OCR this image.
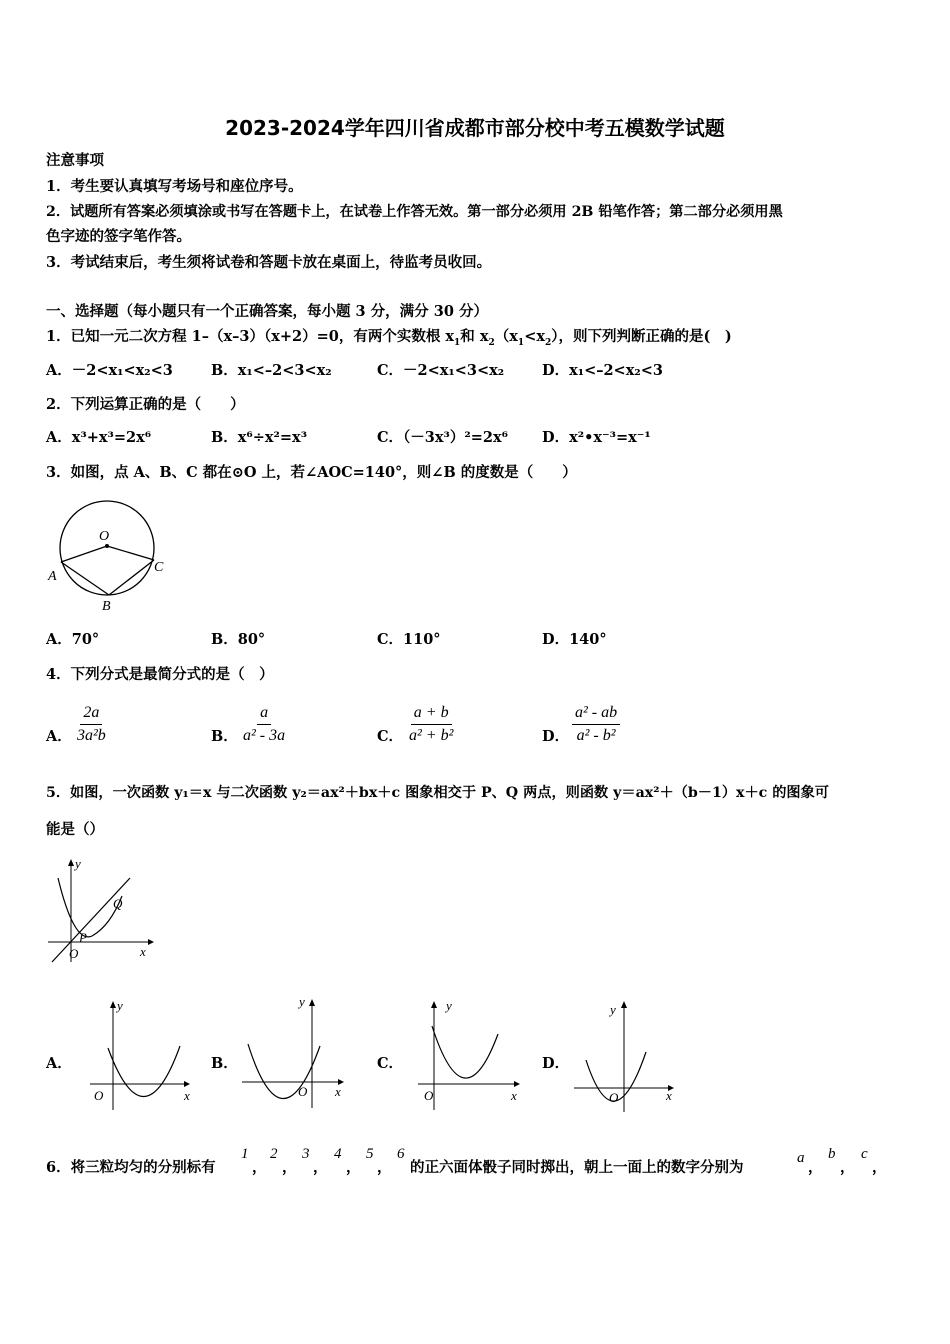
2023-2024学年四川省成都市部分校中考五模数学试题
注意事项
1．考生要认真填写考场号和座位序号。
2．试题所有答案必须填涂或书写在答题卡上，在试卷上作答无效。第一部分必须用 2B 铅笔作答；第二部分必须用黑
色字迹的签字笔作答。
3．考试结束后，考生须将试卷和答题卡放在桌面上，待监考员收回。
一、选择题（每小题只有一个正确答案，每小题 3 分，满分 30 分）
1．已知一元二次方程 1–（x–3）（x+2）=0，有两个实数根 $x_1$和 $x_2(x_1<x_2)$，则下列判断正确的是(　)
A．－2<x₁<x₂<3	B．x₁<–2<3<x₂	C．－2<x₁<3<x₂	D．x₁<–2<x₂<3
2．下列运算正确的是（　　）
A．x³+x³=2x⁶	B．x⁶÷x²=x³	C．（－3x³）²=2x⁶ D．x²•x⁻³=x⁻¹
3．如图，点 A、B、C 都在⊙O 上，若∠AOC=140°，则∠B 的度数是（　　）
O
A
C
B
A．70°	B．80°	C．110°	D．140°
4．下列分式是最简分式的是（　）
A． $\frac{2a}{\text{3a²b}}$	B． $\frac{a}{\text{a² - 3a}}$	C． $\frac{a + b}{\text{a² + b²}}$	D． $\frac{\text{a² - ab}}{\text{a² - b²}}$
5．如图，一次函数 y₁＝x 与二次函数 y₂＝ax²＋bx＋c 图象相交于 P、Q 两点，则函数 y＝ax²＋（b－1）x＋c 的图象可
能是（）
y
x
O
P
Q
A．
y
x
O
B．
y
x
O
C．
y
x
O
D．
y
x
O
6．将三粒均匀的分别标有
1
，
2
，
3
，
4
，
5
，
6
的正六面体骰子同时掷出，朝上一面上的数字分别为
a
，
b
，
c
，
